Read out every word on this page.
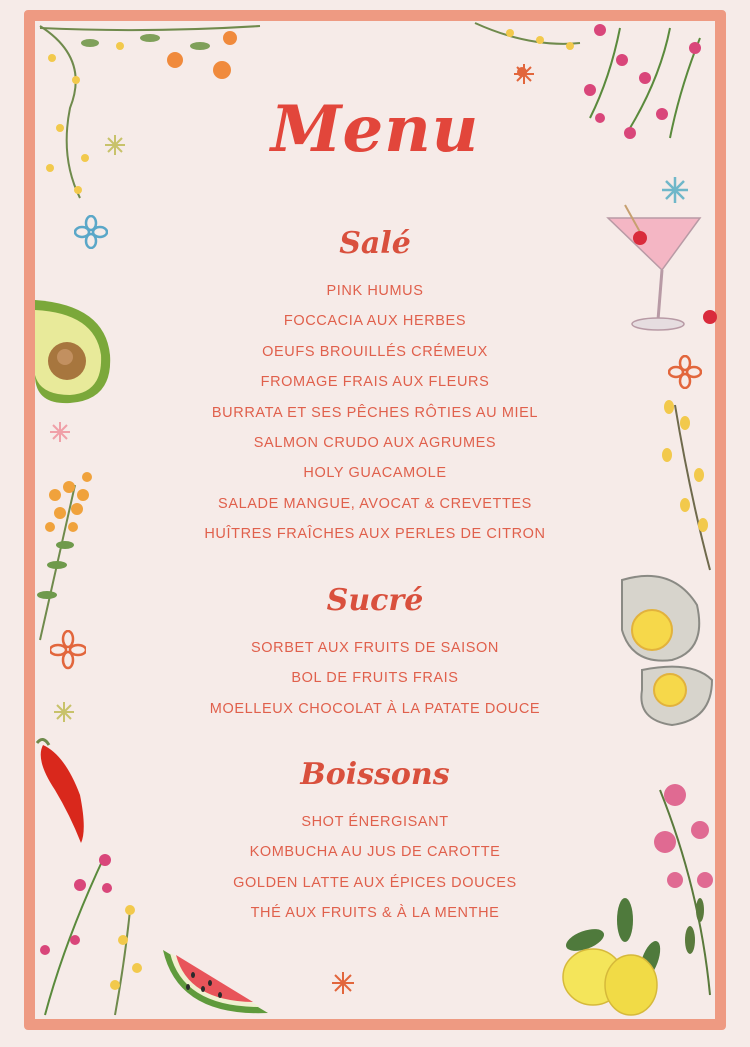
Menu
Salé
PINK HUMUS
FOCCACIA AUX HERBES
OEUFS BROUILLÉS CRÉMEUX
FROMAGE FRAIS AUX FLEURS
BURRATA ET SES PÊCHES RÔTIES AU MIEL
SALMON CRUDO AUX AGRUMES
HOLY GUACAMOLE
SALADE MANGUE, AVOCAT & CREVETTES
HUÎTRES FRAÎCHES AUX PERLES DE CITRON
Sucré
SORBET AUX FRUITS DE SAISON
BOL DE FRUITS FRAIS
MOELLEUX CHOCOLAT À LA PATATE DOUCE
Boissons
SHOT ÉNERGISANT
KOMBUCHA AU JUS DE CAROTTE
GOLDEN LATTE AUX ÉPICES DOUCES
THÉ AUX FRUITS & À LA MENTHE
